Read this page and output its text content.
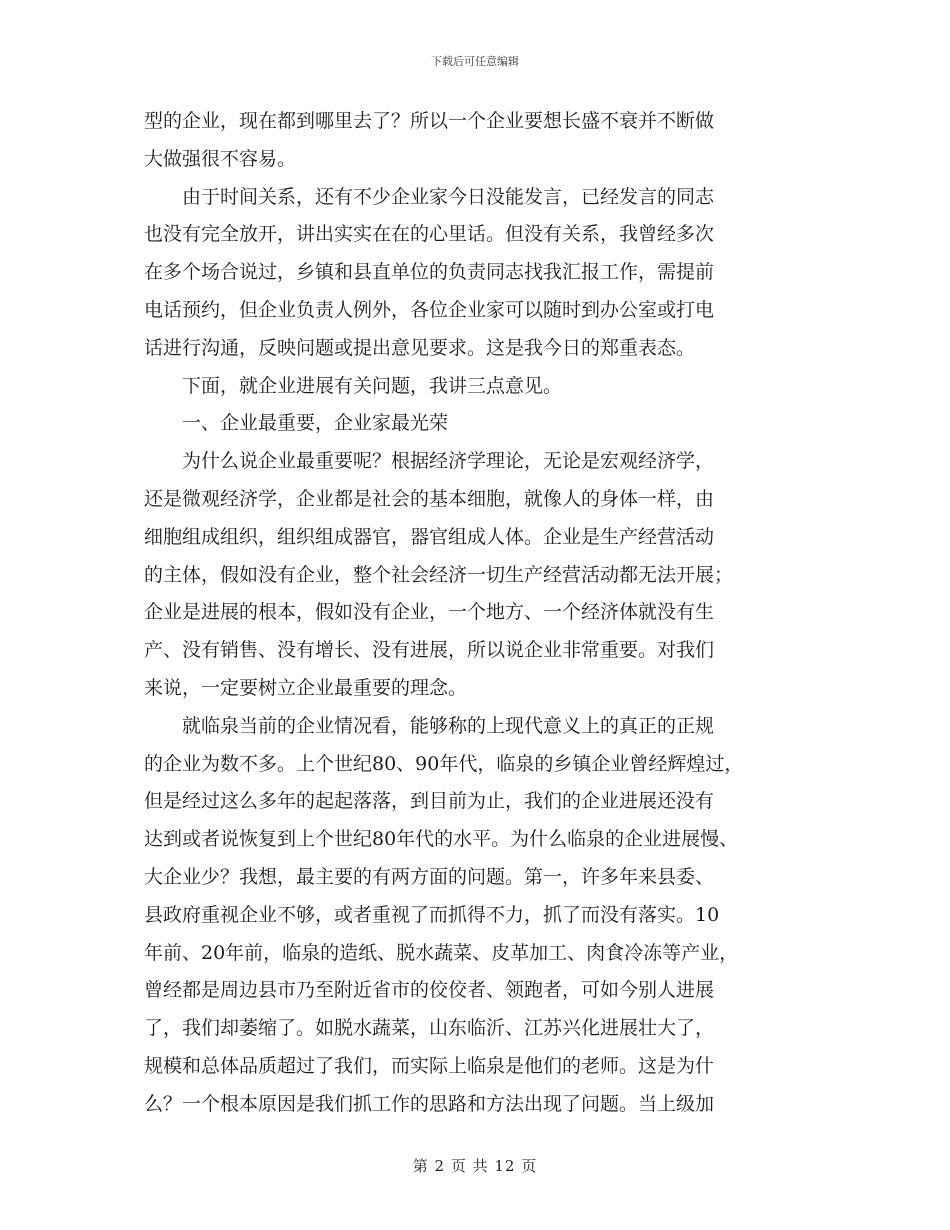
下载后可任意编辑
型的企业，现在都到哪里去了？所以一个企业要想长盛不衰并不断做
大做强很不容易。
　　由于时间关系，还有不少企业家今日没能发言，已经发言的同志
也没有完全放开，讲出实实在在的心里话。但没有关系，我曾经多次
在多个场合说过，乡镇和县直单位的负责同志找我汇报工作，需提前
电话预约，但企业负责人例外，各位企业家可以随时到办公室或打电
话进行沟通，反映问题或提出意见要求。这是我今日的郑重表态。
　　下面，就企业进展有关问题，我讲三点意见。
　　一、企业最重要，企业家最光荣
　　为什么说企业最重要呢？根据经济学理论，无论是宏观经济学，
还是微观经济学，企业都是社会的基本细胞，就像人的身体一样，由
细胞组成组织，组织组成器官，器官组成人体。企业是生产经营活动
的主体，假如没有企业，整个社会经济一切生产经营活动都无法开展；
企业是进展的根本，假如没有企业，一个地方、一个经济体就没有生
产、没有销售、没有增长、没有进展，所以说企业非常重要。对我们
来说，一定要树立企业最重要的理念。
　　就临泉当前的企业情况看，能够称的上现代意义上的真正的正规
的企业为数不多。上个世纪80、90年代，临泉的乡镇企业曾经辉煌过，
但是经过这么多年的起起落落，到目前为止，我们的企业进展还没有
达到或者说恢复到上个世纪80年代的水平。为什么临泉的企业进展慢、
大企业少？我想，最主要的有两方面的问题。第一，许多年来县委、
县政府重视企业不够，或者重视了而抓得不力，抓了而没有落实。10
年前、20年前，临泉的造纸、脱水蔬菜、皮革加工、肉食冷冻等产业，
曾经都是周边县市乃至附近省市的佼佼者、领跑者，可如今别人进展
了，我们却萎缩了。如脱水蔬菜，山东临沂、江苏兴化进展壮大了，
规模和总体品质超过了我们，而实际上临泉是他们的老师。这是为什
么？一个根本原因是我们抓工作的思路和方法出现了问题。当上级加
第 2 页 共 12 页
